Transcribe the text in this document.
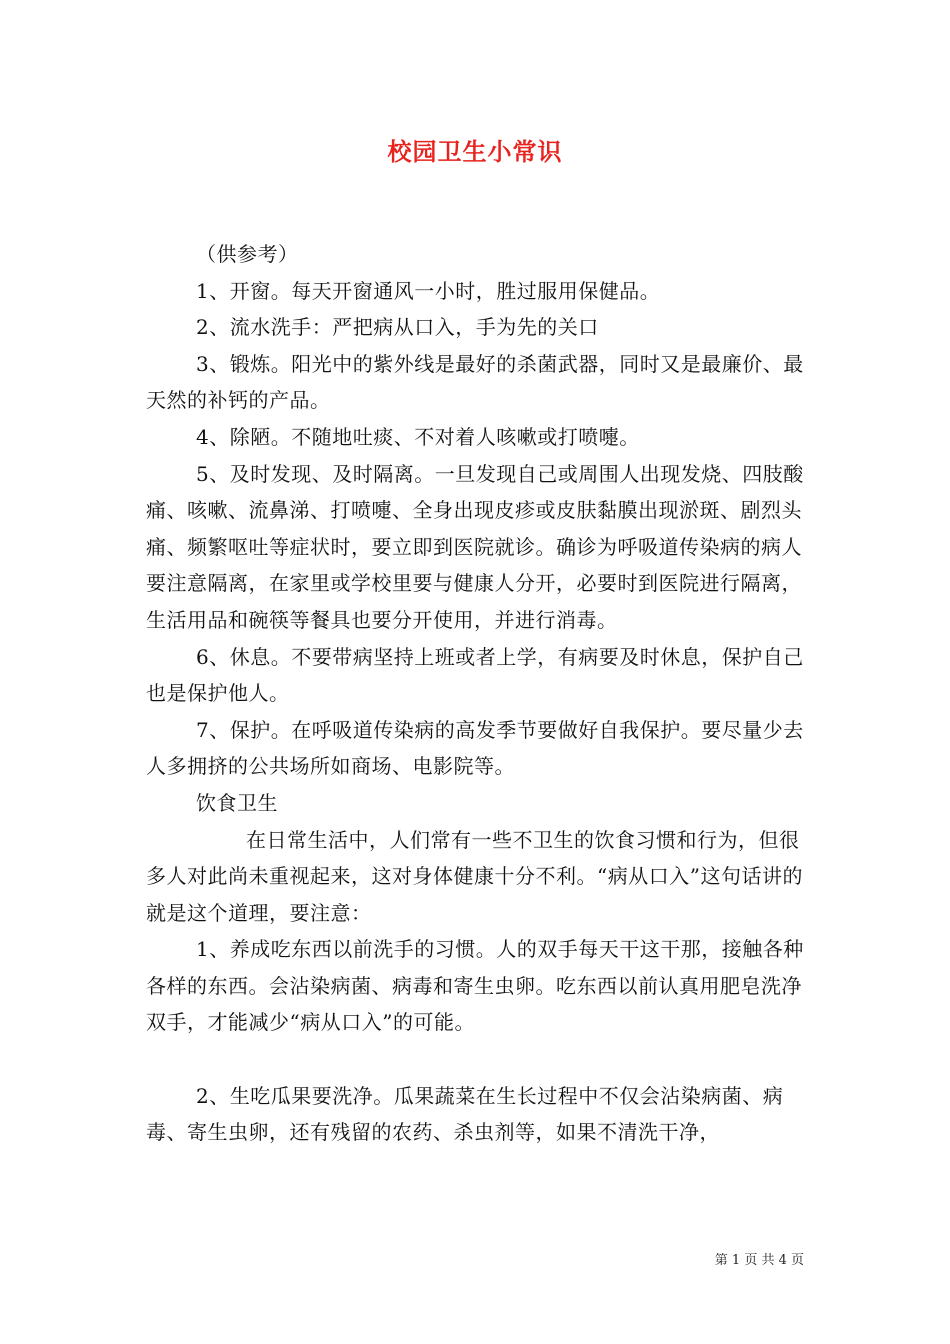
校园卫生小常识

（供参考）

1、开窗。每天开窗通风一小时，胜过服用保健品。

2、流水洗手：严把病从口入，手为先的关口

3、锻炼。阳光中的紫外线是最好的杀菌武器，同时又是最廉价、最天然的补钙的产品。

4、除陋。不随地吐痰、不对着人咳嗽或打喷嚏。

5、及时发现、及时隔离。一旦发现自己或周围人出现发烧、四肢酸痛、咳嗽、流鼻涕、打喷嚏、全身出现皮疹或皮肤黏膜出现淤斑、剧烈头痛、频繁呕吐等症状时，要立即到医院就诊。确诊为呼吸道传染病的病人要注意隔离，在家里或学校里要与健康人分开，必要时到医院进行隔离，生活用品和碗筷等餐具也要分开使用，并进行消毒。

6、休息。不要带病坚持上班或者上学，有病要及时休息，保护自己也是保护他人。

7、保护。在呼吸道传染病的高发季节要做好自我保护。要尽量少去人多拥挤的公共场所如商场、电影院等。

饮食卫生

在日常生活中，人们常有一些不卫生的饮食习惯和行为，但很多人对此尚未重视起来，这对身体健康十分不利。“病从口入”这句话讲的就是这个道理，要注意：

1、养成吃东西以前洗手的习惯。人的双手每天干这干那，接触各种各样的东西。会沾染病菌、病毒和寄生虫卵。吃东西以前认真用肥皂洗净双手，才能减少“病从口入”的可能。

2、生吃瓜果要洗净。瓜果蔬菜在生长过程中不仅会沾染病菌、病毒、寄生虫卵，还有残留的农药、杀虫剂等，如果不清洗干净，

第 1 页 共 4 页
